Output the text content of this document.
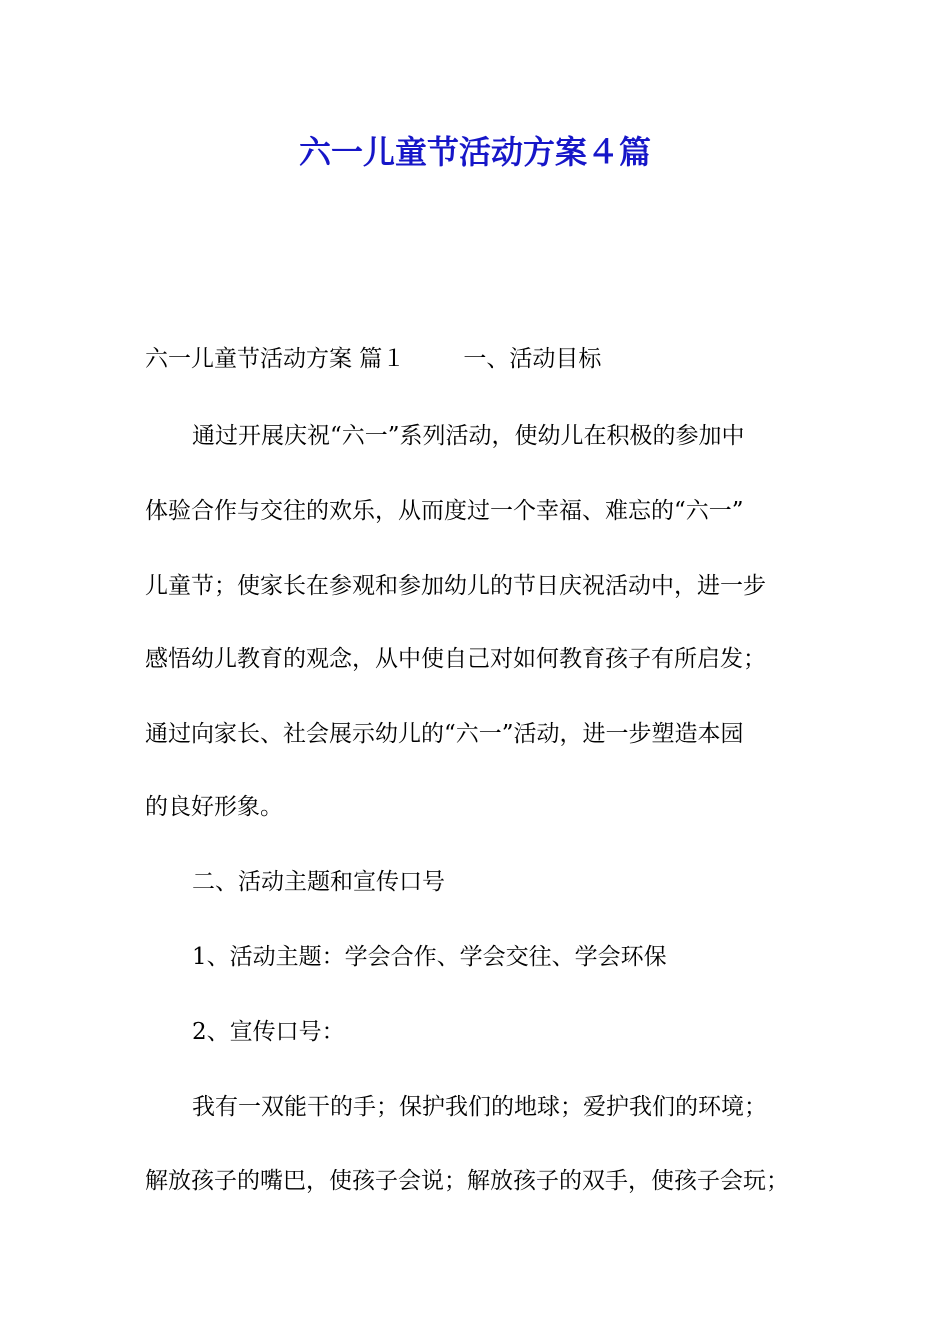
六一儿童节活动方案４篇
六一儿童节活动方案 篇１	一、活动目标
通过开展庆祝“六一”系列活动，使幼儿在积极的参加中
体验合作与交往的欢乐，从而度过一个幸福、难忘的“六一”
儿童节；使家长在参观和参加幼儿的节日庆祝活动中，进一步
感悟幼儿教育的观念，从中使自己对如何教育孩子有所启发；
通过向家长、社会展示幼儿的“六一”活动，进一步塑造本园
的良好形象。
二、活动主题和宣传口号
1、活动主题：学会合作、学会交往、学会环保
2、宣传口号：
我有一双能干的手；保护我们的地球；爱护我们的环境；
解放孩子的嘴巴，使孩子会说；解放孩子的双手，使孩子会玩；
